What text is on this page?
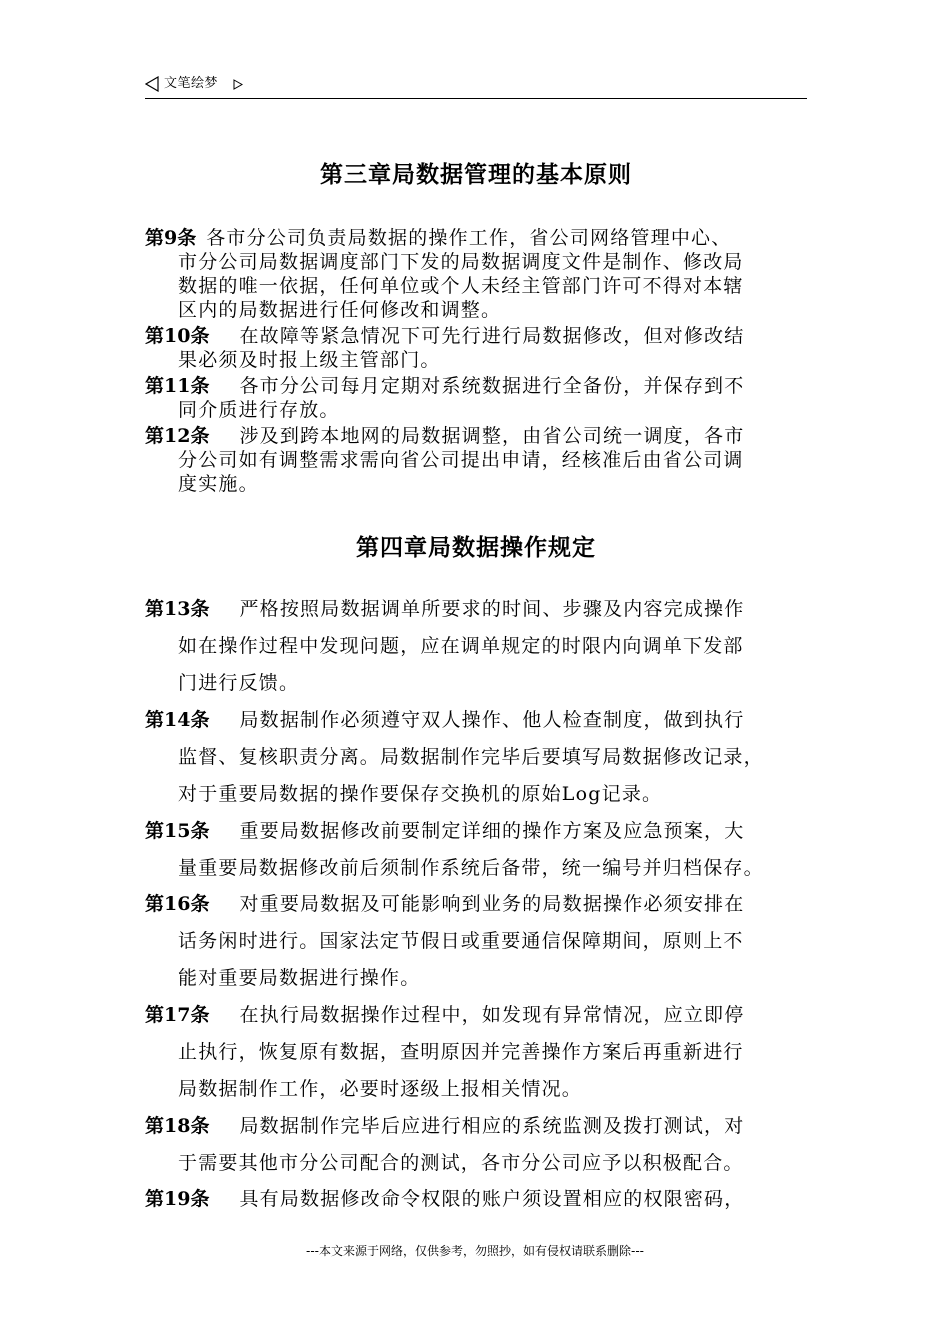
文笔绘梦
第三章局数据管理的基本原则
第四章局数据操作规定
第9条 各市分公司负责局数据的操作工作，省公司网络管理中心、
市分公司局数据调度部门下发的局数据调度文件是制作、修改局
数据的唯一依据，任何单位或个人未经主管部门许可不得对本辖
区内的局数据进行任何修改和调整。
第10条 在故障等紧急情况下可先行进行局数据修改，但对修改结
果必须及时报上级主管部门。
第11条 各市分公司每月定期对系统数据进行全备份，并保存到不
同介质进行存放。
第12条 涉及到跨本地网的局数据调整，由省公司统一调度，各市
分公司如有调整需求需向省公司提出申请，经核准后由省公司调
度实施。
第13条 严格按照局数据调单所要求的时间、步骤及内容完成操作
如在操作过程中发现问题，应在调单规定的时限内向调单下发部
门进行反馈。
第14条 局数据制作必须遵守双人操作、他人检查制度，做到执行
监督、复核职责分离。局数据制作完毕后要填写局数据修改记录，
对于重要局数据的操作要保存交换机的原始Log记录。
第15条 重要局数据修改前要制定详细的操作方案及应急预案，大
量重要局数据修改前后须制作系统后备带，统一编号并归档保存。
第16条 对重要局数据及可能影响到业务的局数据操作必须安排在
话务闲时进行。国家法定节假日或重要通信保障期间，原则上不
能对重要局数据进行操作。
第17条 在执行局数据操作过程中，如发现有异常情况，应立即停
止执行，恢复原有数据，查明原因并完善操作方案后再重新进行
局数据制作工作，必要时逐级上报相关情况。
第18条 局数据制作完毕后应进行相应的系统监测及拨打测试，对
于需要其他市分公司配合的测试，各市分公司应予以积极配合。
第19条 具有局数据修改命令权限的账户须设置相应的权限密码，
---本文来源于网络，仅供参考，勿照抄，如有侵权请联系删除---
